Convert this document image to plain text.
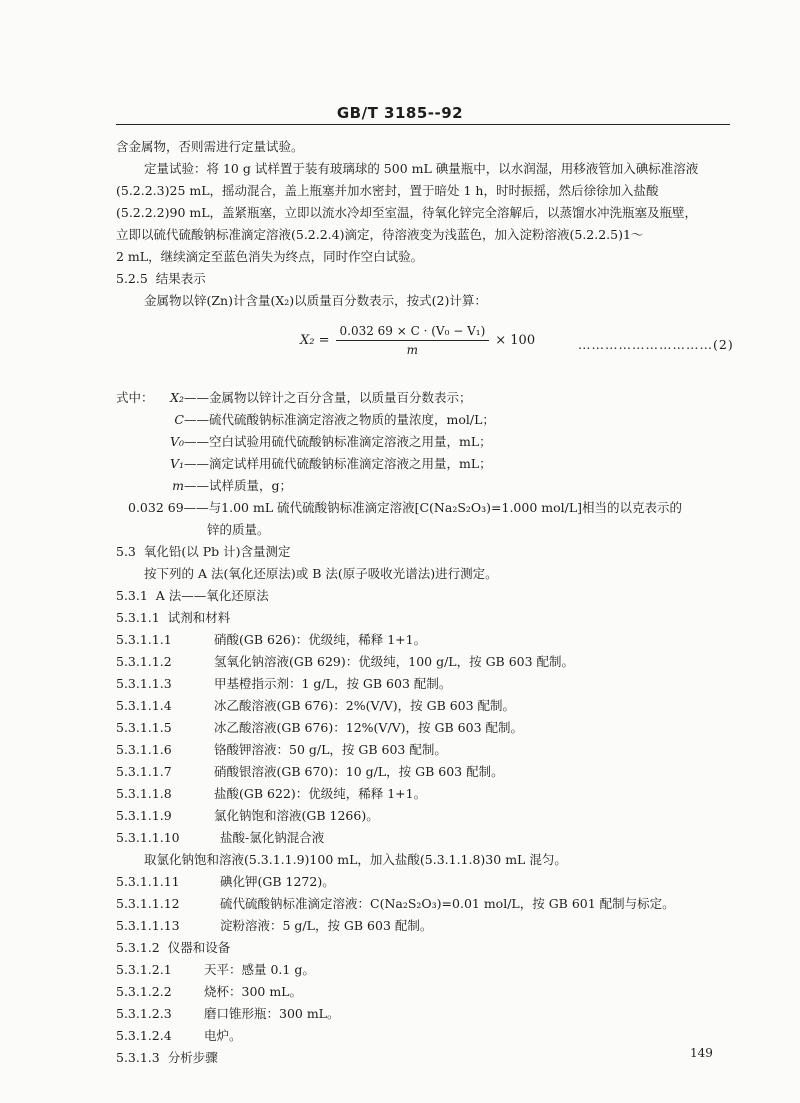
GB/T 3185--92
含金属物，否则需进行定量试验。
定量试验：将 10 g 试样置于装有玻璃球的 500 mL 碘量瓶中，以水润湿，用移液管加入碘标准溶液
(5.2.2.3)25 mL，摇动混合，盖上瓶塞并加水密封，置于暗处 1 h，时时振摇，然后徐徐加入盐酸
(5.2.2.2)90 mL，盖紧瓶塞，立即以流水冷却至室温，待氧化锌完全溶解后，以蒸馏水冲洗瓶塞及瓶壁，
立即以硫代硫酸钠标准滴定溶液(5.2.2.4)滴定，待溶液变为浅蓝色，加入淀粉溶液(5.2.2.5)1～
2 mL，继续滴定至蓝色消失为终点，同时作空白试验。
5.2.5 结果表示
金属物以锌(Zn)计含量(X₂)以质量百分数表示，按式(2)计算：
$X_2 = \frac{\text{0.032 69 × C · (V₀ − V₁)}}{m} \times 100$	…………………………(2)
式中：	X₂——金属物以锌计之百分含量，以质量百分数表示；
C——硫代硫酸钠标准滴定溶液之物质的量浓度，mol/L；
V₀——空白试验用硫代硫酸钠标准滴定溶液之用量，mL；
V₁——滴定试样用硫代硫酸钠标准滴定溶液之用量，mL；
m——试样质量，g；
0.032 69——与1.00 mL 硫代硫酸钠标准滴定溶液[C(Na₂S₂O₃)=1.000 mol/L]相当的以克表示的
锌的质量。
5.3 氧化铅(以 Pb 计)含量测定
按下列的 A 法(氧化还原法)或 B 法(原子吸收光谱法)进行测定。
5.3.1 A 法——氧化还原法
5.3.1.1 试剂和材料
5.3.1.1.1	硝酸(GB 626)：优级纯，稀释 1+1。
5.3.1.1.2	氢氧化钠溶液(GB 629)：优级纯，100 g/L，按 GB 603 配制。
5.3.1.1.3	甲基橙指示剂：1 g/L，按 GB 603 配制。
5.3.1.1.4	冰乙酸溶液(GB 676)：2%(V/V)，按 GB 603 配制。
5.3.1.1.5	冰乙酸溶液(GB 676)：12%(V/V)，按 GB 603 配制。
5.3.1.1.6	铬酸钾溶液：50 g/L，按 GB 603 配制。
5.3.1.1.7	硝酸银溶液(GB 670)：10 g/L，按 GB 603 配制。
5.3.1.1.8	盐酸(GB 622)：优级纯，稀释 1+1。
5.3.1.1.9	氯化钠饱和溶液(GB 1266)。
5.3.1.1.10	盐酸-氯化钠混合液
取氯化钠饱和溶液(5.3.1.1.9)100 mL，加入盐酸(5.3.1.1.8)30 mL 混匀。
5.3.1.1.11	碘化钾(GB 1272)。
5.3.1.1.12	硫代硫酸钠标准滴定溶液：C(Na₂S₂O₃)=0.01 mol/L，按 GB 601 配制与标定。
5.3.1.1.13	淀粉溶液：5 g/L，按 GB 603 配制。
5.3.1.2 仪器和设备
5.3.1.2.1	天平：感量 0.1 g。
5.3.1.2.2	烧杯：300 mL。
5.3.1.2.3	磨口锥形瓶：300 mL。
5.3.1.2.4	电炉。
5.3.1.3 分析步骤	149
